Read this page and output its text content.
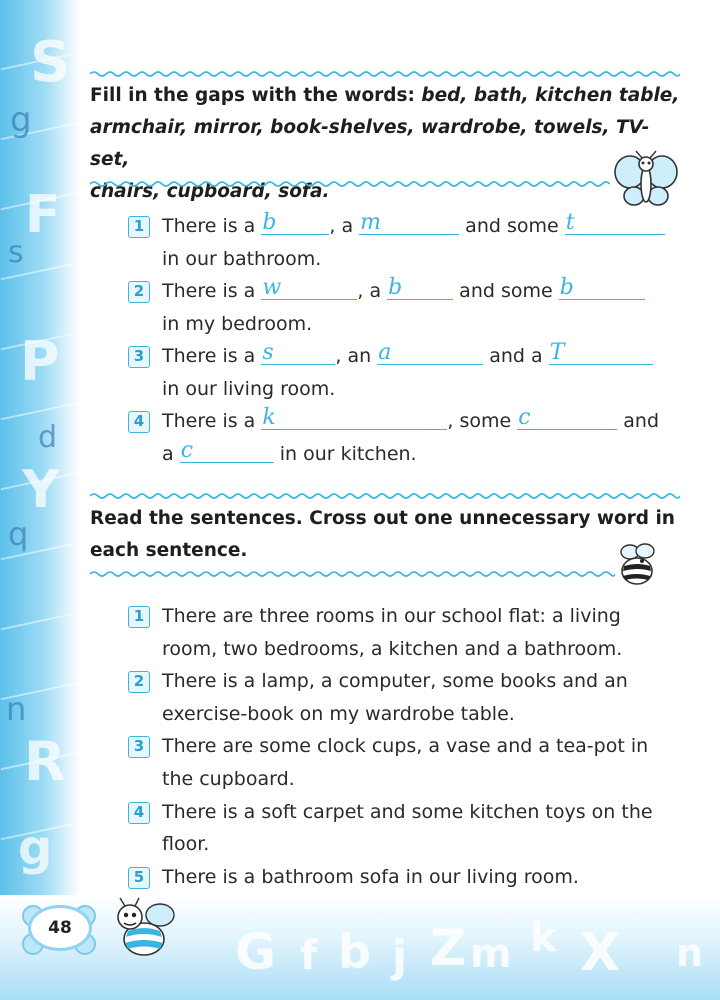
S
g
F
s
P
d
Y
q
n
R
g
G f b j Z m k X n
Fill in the gaps with the words: bed, bath, kitchen table,
armchair, mirror, book-shelves, wardrobe, towels, TV-set,
chairs, cupboard, sofa.
1 There is a b	, a m	and some t
in our bathroom.
2 There is a w	, a b	and some b
in my bedroom.
3 There is a s	, an a	and a T
in our living room.
4 There is a k	, some c	and
a c	in our kitchen.
Read the sentences. Cross out one unnecessary word in
each sentence.
1 There are three rooms in our school flat: a living
room, two bedrooms, a kitchen and a bathroom.
2 There is a lamp, a computer, some books and an
exercise-book on my wardrobe table.
3 There are some clock cups, a vase and a tea-pot in
the cupboard.
4 There is a soft carpet and some kitchen toys on the
floor.
5 There is a bathroom sofa in our living room.
48
